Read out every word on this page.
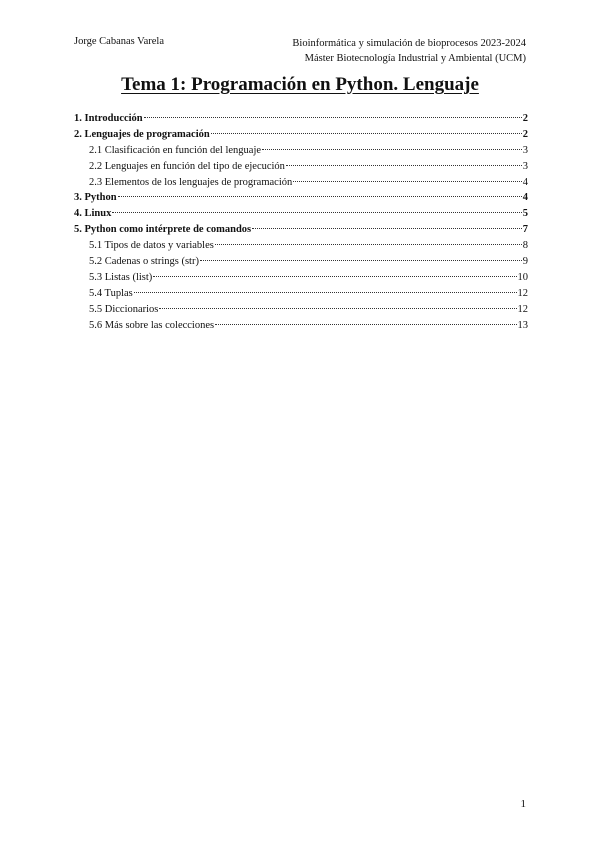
Jorge Cabanas Varela	Bioinformática y simulación de bioprocesos 2023-2024
Máster Biotecnología Industrial y Ambiental (UCM)
Tema 1: Programación en Python. Lenguaje
1. Introducción	2
2. Lenguajes de programación	2
2.1 Clasificación en función del lenguaje	3
2.2 Lenguajes en función del tipo de ejecución	3
2.3 Elementos de los lenguajes de programación	4
3. Python	4
4. Linux	5
5. Python como intérprete de comandos	7
5.1 Tipos de datos y variables	8
5.2 Cadenas o strings (str)	9
5.3 Listas (list)	10
5.4 Tuplas	12
5.5 Diccionarios	12
5.6 Más sobre las colecciones	13
1
